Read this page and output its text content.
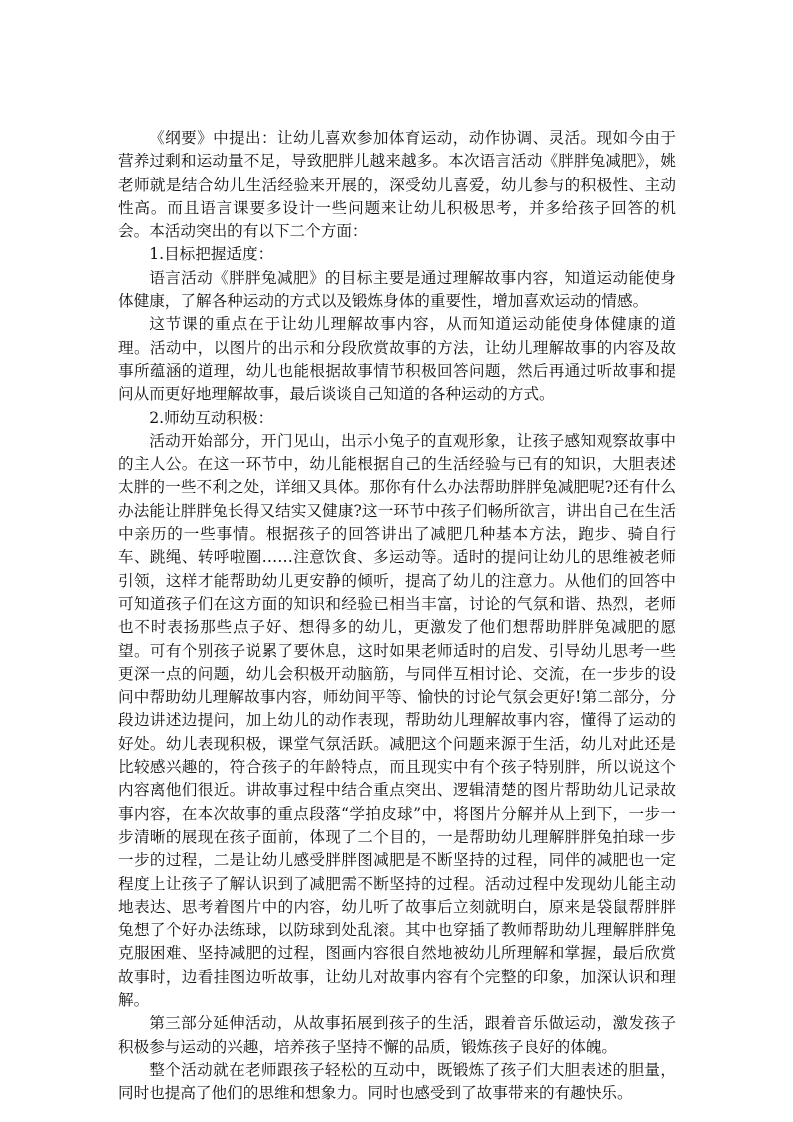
《纲要》中提出：让幼儿喜欢参加体育运动，动作协调、灵活。现如今由于营养过剩和运动量不足，导致肥胖儿越来越多。本次语言活动《胖胖兔减肥》，姚老师就是结合幼儿生活经验来开展的，深受幼儿喜爱，幼儿参与的积极性、主动性高。而且语言课要多设计一些问题来让幼儿积极思考，并多给孩子回答的机会。本活动突出的有以下二个方面：

1.目标把握适度：

语言活动《胖胖兔减肥》的目标主要是通过理解故事内容，知道运动能使身体健康，了解各种运动的方式以及锻炼身体的重要性，增加喜欢运动的情感。

这节课的重点在于让幼儿理解故事内容，从而知道运动能使身体健康的道理。活动中，以图片的出示和分段欣赏故事的方法，让幼儿理解故事的内容及故事所蕴涵的道理，幼儿也能根据故事情节积极回答问题，然后再通过听故事和提问从而更好地理解故事，最后谈谈自己知道的各种运动的方式。

2.师幼互动积极：

活动开始部分，开门见山，出示小兔子的直观形象，让孩子感知观察故事中的主人公。在这一环节中，幼儿能根据自己的生活经验与已有的知识，大胆表述太胖的一些不利之处，详细又具体。那你有什么办法帮助胖胖兔减肥呢?还有什么办法能让胖胖兔长得又结实又健康?这一环节中孩子们畅所欲言，讲出自己在生活中亲历的一些事情。根据孩子的回答讲出了减肥几种基本方法，跑步、骑自行车、跳绳、转呼啦圈……注意饮食、多运动等。适时的提问让幼儿的思维被老师引领，这样才能帮助幼儿更安静的倾听，提高了幼儿的注意力。从他们的回答中可知道孩子们在这方面的知识和经验已相当丰富，讨论的气氛和谐、热烈，老师也不时表扬那些点子好、想得多的幼儿，更激发了他们想帮助胖胖兔减肥的愿望。可有个别孩子说累了要休息，这时如果老师适时的启发、引导幼儿思考一些更深一点的问题，幼儿会积极开动脑筋，与同伴互相讨论、交流，在一步步的设问中帮助幼儿理解故事内容，师幼间平等、愉快的讨论气氛会更好!第二部分，分段边讲述边提问，加上幼儿的动作表现，帮助幼儿理解故事内容，懂得了运动的好处。幼儿表现积极，课堂气氛活跃。减肥这个问题来源于生活，幼儿对此还是比较感兴趣的，符合孩子的年龄特点，而且现实中有个孩子特别胖，所以说这个内容离他们很近。讲故事过程中结合重点突出、逻辑清楚的图片帮助幼儿记录故事内容，在本次故事的重点段落“学拍皮球”中，将图片分解并从上到下，一步一步清晰的展现在孩子面前，体现了二个目的，一是帮助幼儿理解胖胖兔拍球一步一步的过程，二是让幼儿感受胖胖图减肥是不断坚持的过程，同伴的减肥也一定程度上让孩子了解认识到了减肥需不断坚持的过程。活动过程中发现幼儿能主动地表达、思考着图片中的内容，幼儿听了故事后立刻就明白，原来是袋鼠帮胖胖兔想了个好办法练球，以防球到处乱滚。其中也穿插了教师帮助幼儿理解胖胖兔克服困难、坚持减肥的过程，图画内容很自然地被幼儿所理解和掌握，最后欣赏故事时，边看挂图边听故事，让幼儿对故事内容有个完整的印象，加深认识和理解。

第三部分延伸活动，从故事拓展到孩子的生活，跟着音乐做运动，激发孩子积极参与运动的兴趣，培养孩子坚持不懈的品质，锻炼孩子良好的体魄。

整个活动就在老师跟孩子轻松的互动中，既锻炼了孩子们大胆表述的胆量，同时也提高了他们的思维和想象力。同时也感受到了故事带来的有趣快乐。
